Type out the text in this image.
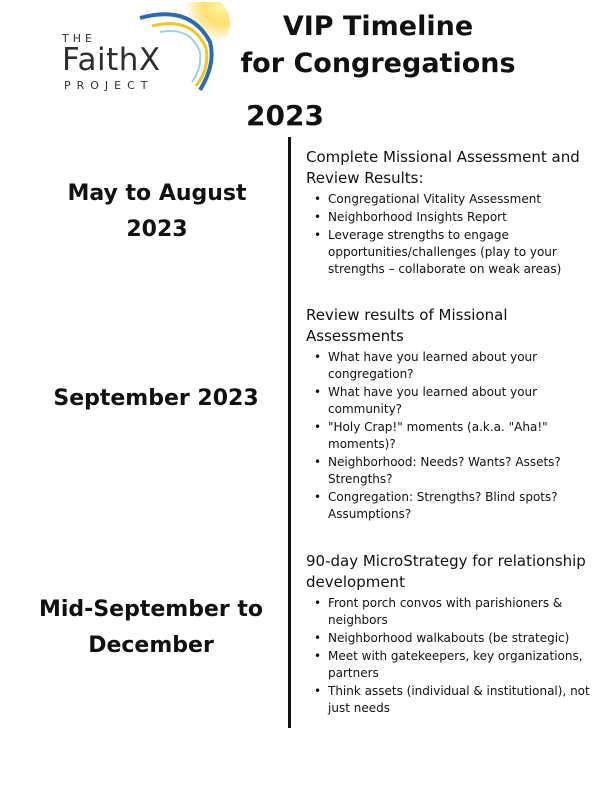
THE
FaithX
PROJECT
VIP Timeline
for Congregations
2023
May to August
2023
Complete Missional Assessment and Review Results:
• Congregational Vitality Assessment
• Neighborhood Insights Report
• Leverage strengths to engage opportunities/challenges (play to your strengths – collaborate on weak areas)
September 2023
Review results of Missional Assessments
• What have you learned about your congregation?
• What have you learned about your community?
• "Holy Crap!" moments (a.k.a. "Aha!" moments)?
• Neighborhood: Needs? Wants? Assets? Strengths?
• Congregation: Strengths? Blind spots? Assumptions?
Mid-September to
December
90-day MicroStrategy for relationship development
• Front porch convos with parishioners & neighbors
• Neighborhood walkabouts (be strategic)
• Meet with gatekeepers, key organizations, partners
• Think assets (individual & institutional), not just needs
